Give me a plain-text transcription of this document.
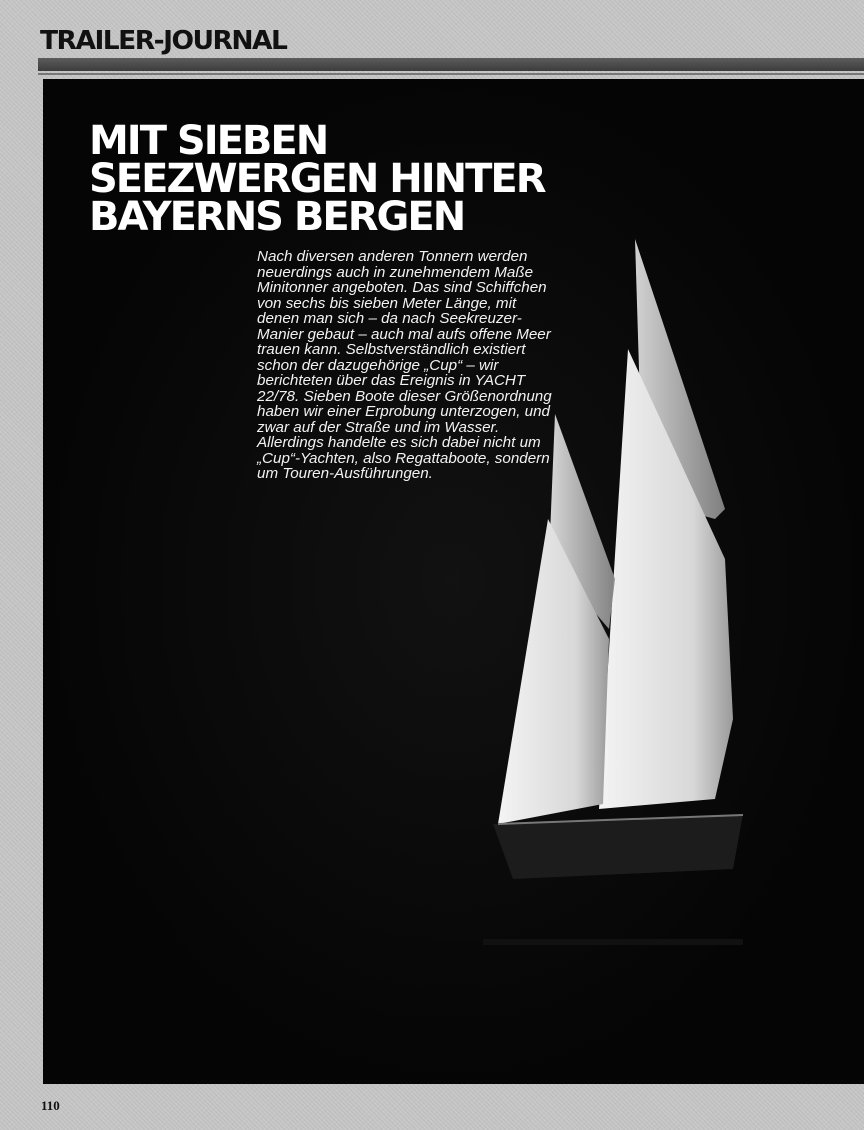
TRAILER-JOURNAL
MIT SIEBEN
SEEZWERGEN HINTER
BAYERNS BERGEN

Nach diversen anderen Tonnern werden neuerdings auch in zunehmendem Maße Minitonner angeboten. Das sind Schiffchen von sechs bis sieben Meter Länge, mit denen man sich – da nach Seekreuzer-Manier gebaut – auch mal aufs offene Meer trauen kann. Selbstverständlich existiert schon der dazugehörige „Cup“ – wir berichteten über das Ereignis in YACHT 22/78. Sieben Boote dieser Größenordnung haben wir einer Erprobung unterzogen, und zwar auf der Straße und im Wasser. Allerdings handelte es sich dabei nicht um „Cup“-Yachten, also Regattaboote, sondern um Touren-Ausführungen.

110
